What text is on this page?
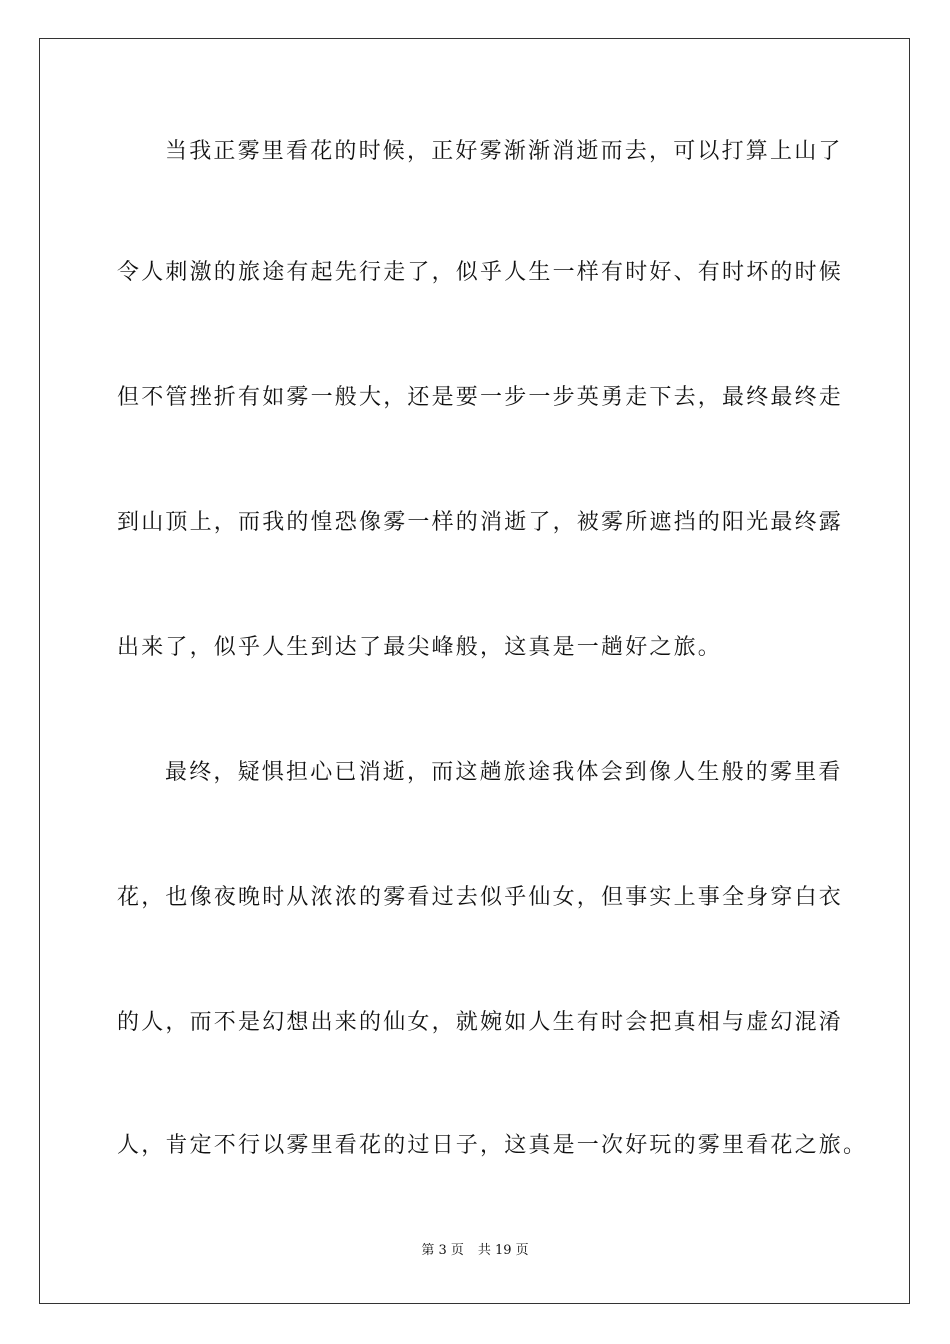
当我正雾里看花的时候，正好雾渐渐消逝而去，可以打算上山了
令人刺激的旅途有起先行走了，似乎人生一样有时好、有时坏的时候
但不管挫折有如雾一般大，还是要一步一步英勇走下去，最终最终走
到山顶上，而我的惶恐像雾一样的消逝了，被雾所遮挡的阳光最终露
出来了，似乎人生到达了最尖峰般，这真是一趟好之旅。
最终，疑惧担心已消逝，而这趟旅途我体会到像人生般的雾里看
花，也像夜晚时从浓浓的雾看过去似乎仙女，但事实上事全身穿白衣
的人，而不是幻想出来的仙女，就婉如人生有时会把真相与虚幻混淆
人，肯定不行以雾里看花的过日子，这真是一次好玩的雾里看花之旅。
第 3 页 共 19 页
